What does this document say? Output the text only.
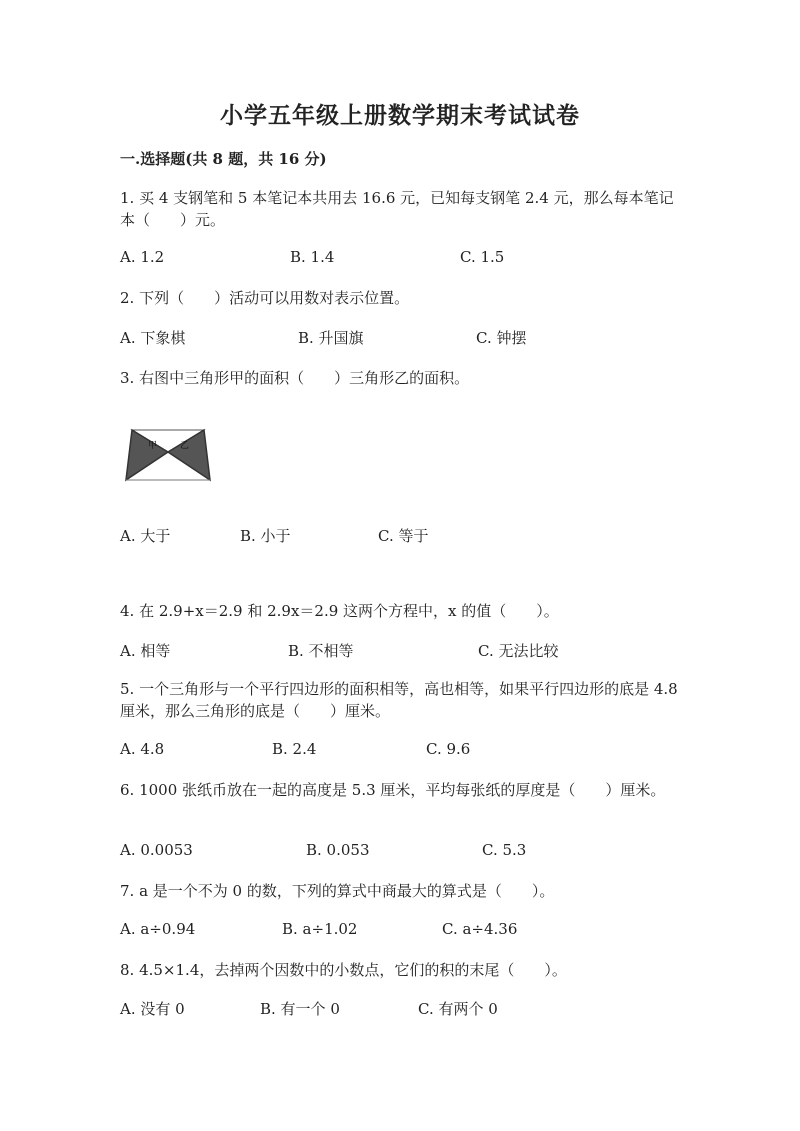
小学五年级上册数学期末考试试卷
一.选择题(共 8 题，共 16 分)
1. 买 4 支钢笔和 5 本笔记本共用去 16.6 元，已知每支钢笔 2.4 元，那么每本笔记本（　　）元。
A. 1.2	B. 1.4	C. 1.5
2. 下列（　　）活动可以用数对表示位置。
A. 下象棋	B. 升国旗	C. 钟摆
3. 右图中三角形甲的面积（　　）三角形乙的面积。
甲	乙
A. 大于	B. 小于	C. 等于
4. 在 2.9+x＝2.9 和 2.9x＝2.9 这两个方程中，x 的值（　　）。
A. 相等	B. 不相等	C. 无法比较
5. 一个三角形与一个平行四边形的面积相等，高也相等，如果平行四边形的底是 4.8 厘米，那么三角形的底是（　　）厘米。
A. 4.8	B. 2.4	C. 9.6
6. 1000 张纸币放在一起的高度是 5.3 厘米，平均每张纸的厚度是（　　）厘米。
A. 0.0053	B. 0.053	C. 5.3
7. a 是一个不为 0 的数，下列的算式中商最大的算式是（　　）。
A. a÷0.94	B. a÷1.02	C. a÷4.36
8. 4.5×1.4，去掉两个因数中的小数点，它们的积的末尾（　　）。
A. 没有 0	B. 有一个 0	C. 有两个 0
